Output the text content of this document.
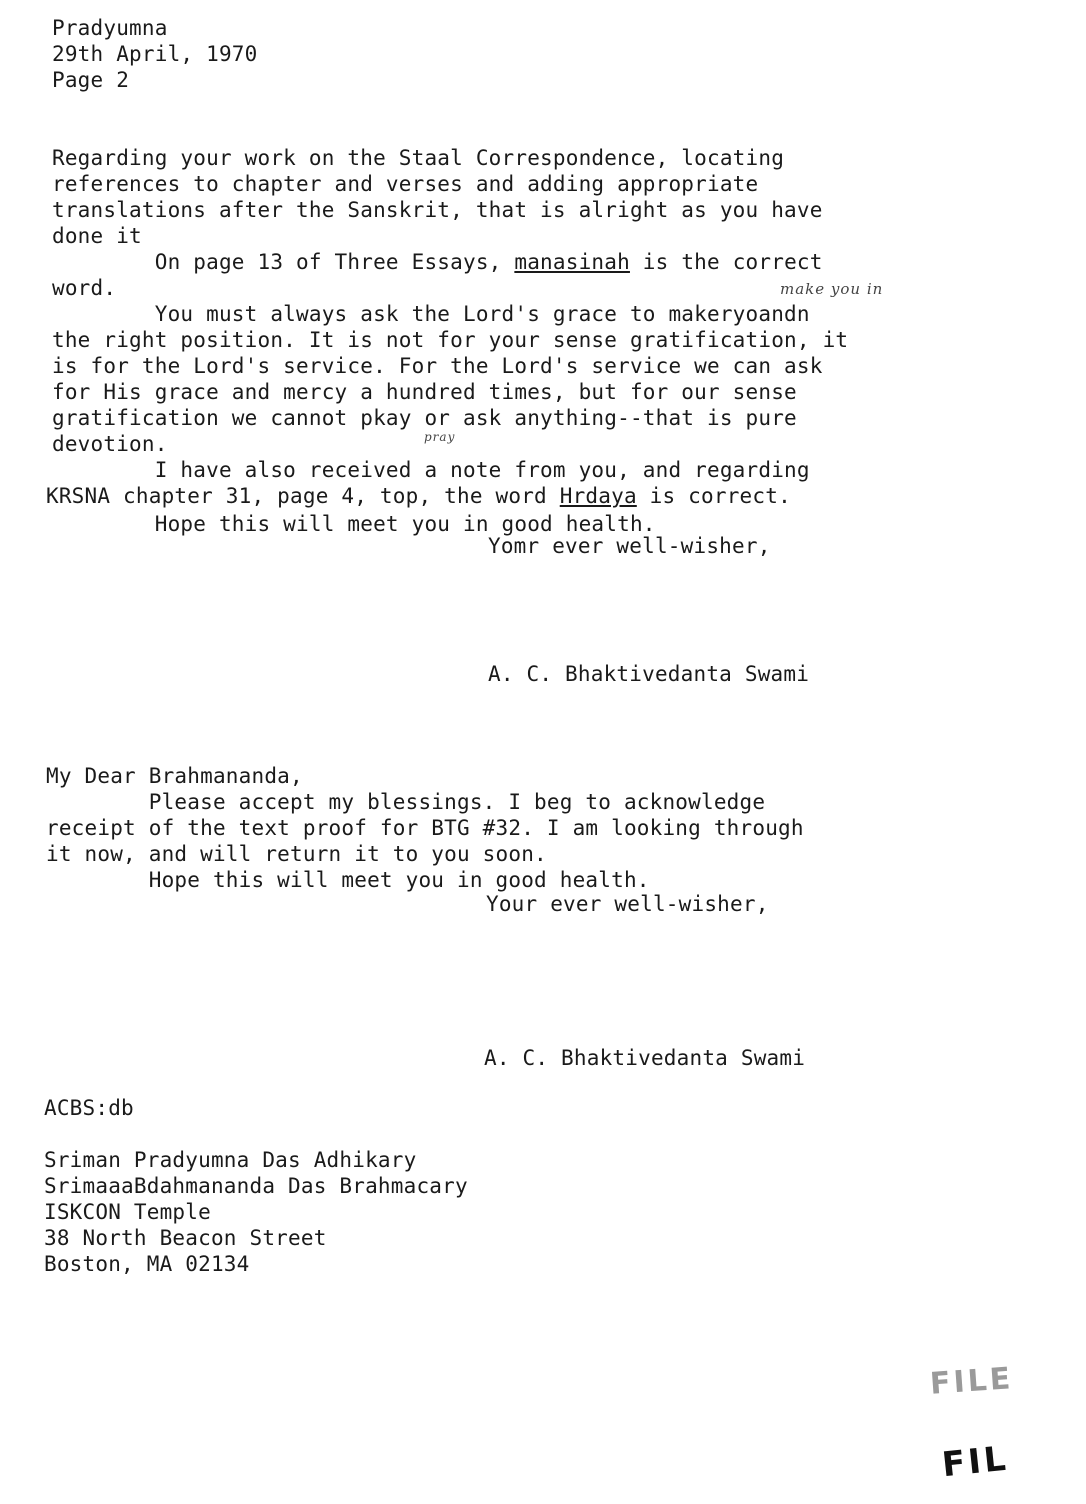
Pradyumna
29th April, 1970
Page 2
Regarding your work on the Staal Correspondence, locating
references to chapter and verses and adding appropriate
translations after the Sanskrit, that is alright as you have
done it
On page 13 of Three Essays, manasinah is the correct
word.	make you in
You must always ask the Lord's grace to makeryoandn
the right position. It is not for your sense gratification, it
is for the Lord's service. For the Lord's service we can ask
for His grace and mercy a hundred times, but for our sense
gratification we cannot pkay or ask anything--that is pure
devotion.	pray
I have also received a note from you, and regarding
KRSNA chapter 31, page 4, top, the word Hrdaya is correct.
Hope this will meet you in good health.
Yomr ever well-wisher,
A. C. Bhaktivedanta Swami
My Dear Brahmananda,
Please accept my blessings. I beg to acknowledge
receipt of the text proof for BTG #32. I am looking through
it now, and will return it to you soon.
Hope this will meet you in good health.
Your ever well-wisher,
A. C. Bhaktivedanta Swami
ACBS:db
Sriman Pradyumna Das Adhikary
SrimaaaBdahmananda Das Brahmacary
ISKCON Temple
38 North Beacon Street
Boston, MA 02134
FILE
FIL
